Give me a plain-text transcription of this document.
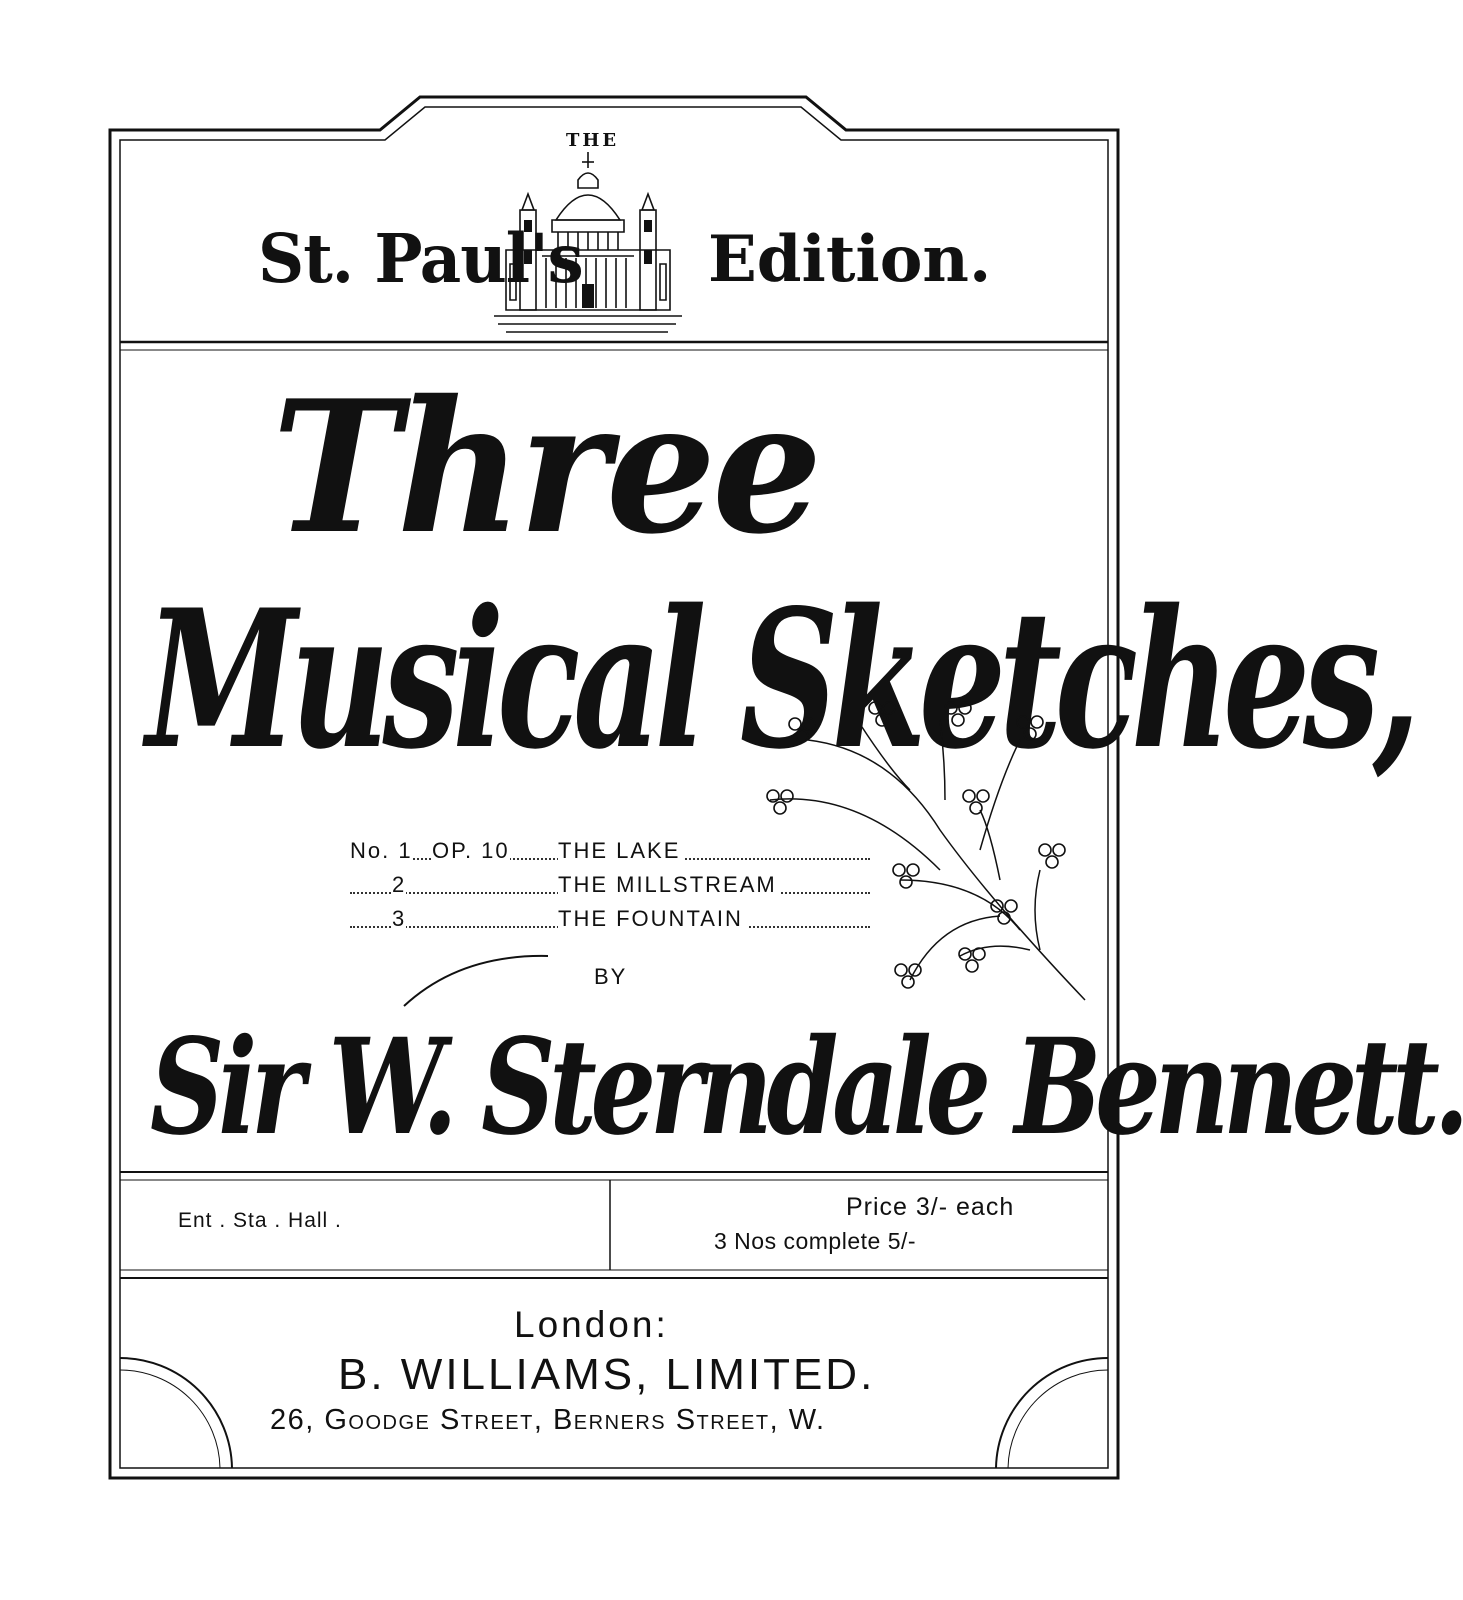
THE
St. Paul's Edition.
Three
Musical Sketches,
No. 1 OP. 10 THE LAKE
2	THE MILLSTREAM
3	THE FOUNTAIN
BY
Sir W. Sterndale Bennett.
Ent . Sta . Hall .	Price 3/- each
3 Nos complete 5/-
London:
B. WILLIAMS, LIMITED.
26, Goodge Street, Berners Street, W.
